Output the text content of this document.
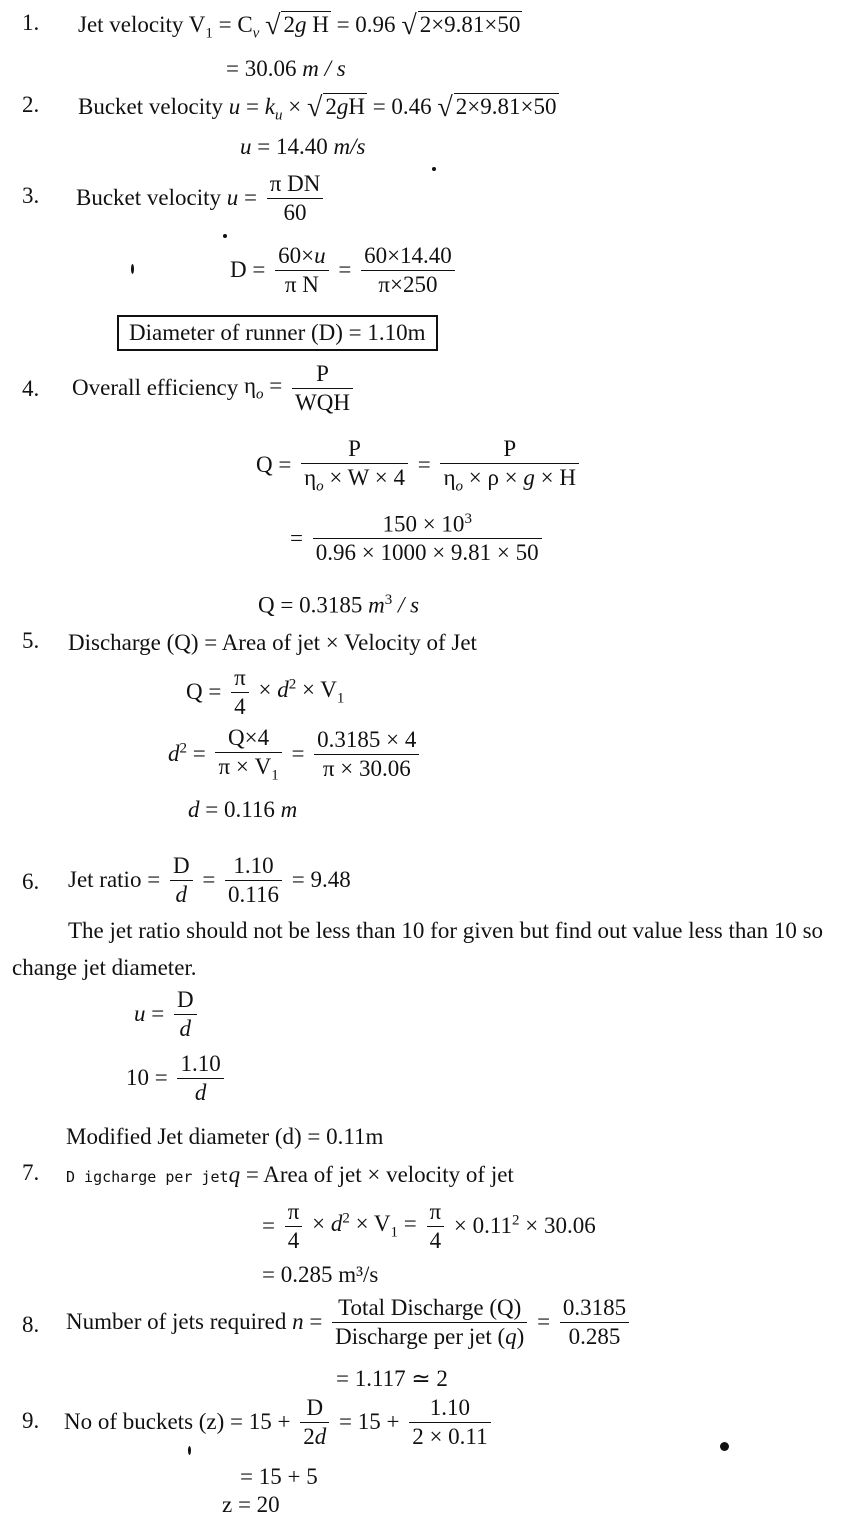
1. Jet velocity $V_1 = C_v$ √ 2g H = 0.96 √ 2×9.81×50
= 30.06 m / s
2. Bucket velocity $u = k_u$ × √ 2gH = 0.46 √ 2×9.81×50
u = 14.40 m/s
3. Bucket velocity $u = \frac{\text{π DN}}{60}$
$D = \frac{60\times u}{\text{π N}} = \frac{60\times 14.40}{\pi\times 250}$
Diameter of runner (D) = 1.10m
4. Overall efficiency $\eta_o = \frac{P}{\text{WQH}}$
$Q = \frac{P}{\eta_o \times W \times 4} = \frac{P}{\eta_o \times \rho \times g \times H}$
= $\frac{150 \times 10^3}{0.96 \times 1000 \times 9.81 \times 50}$
Q = 0.3185 $m^3$ / s
5. Discharge (Q) = Area of jet × Velocity of Jet
$Q = \frac{\pi}{4} \times d^2 \times V_1$
$d^2 = \frac{Q\times 4}{\pi \times V_1} = \frac{0.3185 \times 4}{\pi \times 30.06}$
d = 0.116 m
6. Jet ratio = $\frac{D}{d} = \frac{1.10}{0.116} = 9.48$
The jet ratio should not be less than 10 for given but find out value less than 10 so
change jet diameter.
$u = \frac{D}{d}$
$10 = \frac{1.10}{d}$
Modified Jet diameter (d) = 0.11m
7. D igcharge per jetq = Area of jet × velocity of jet
= $\frac{\pi}{4} \times d^2 \times V_1 = \frac{\pi}{4} \times 0.11^2 \times 30.06$
= 0.285 m³/s
8. Number of jets required $n = \frac{\text{Total Discharge (Q)}}{\text{Discharge per jet (q)}} = \frac{0.3185}{0.285}$
= 1.117 ≃ 2
9. No of buckets $(z) = 15 + \frac{D}{2d} = 15 + \frac{1.10}{2 \times 0.11}$
= 15 + 5
z = 20
